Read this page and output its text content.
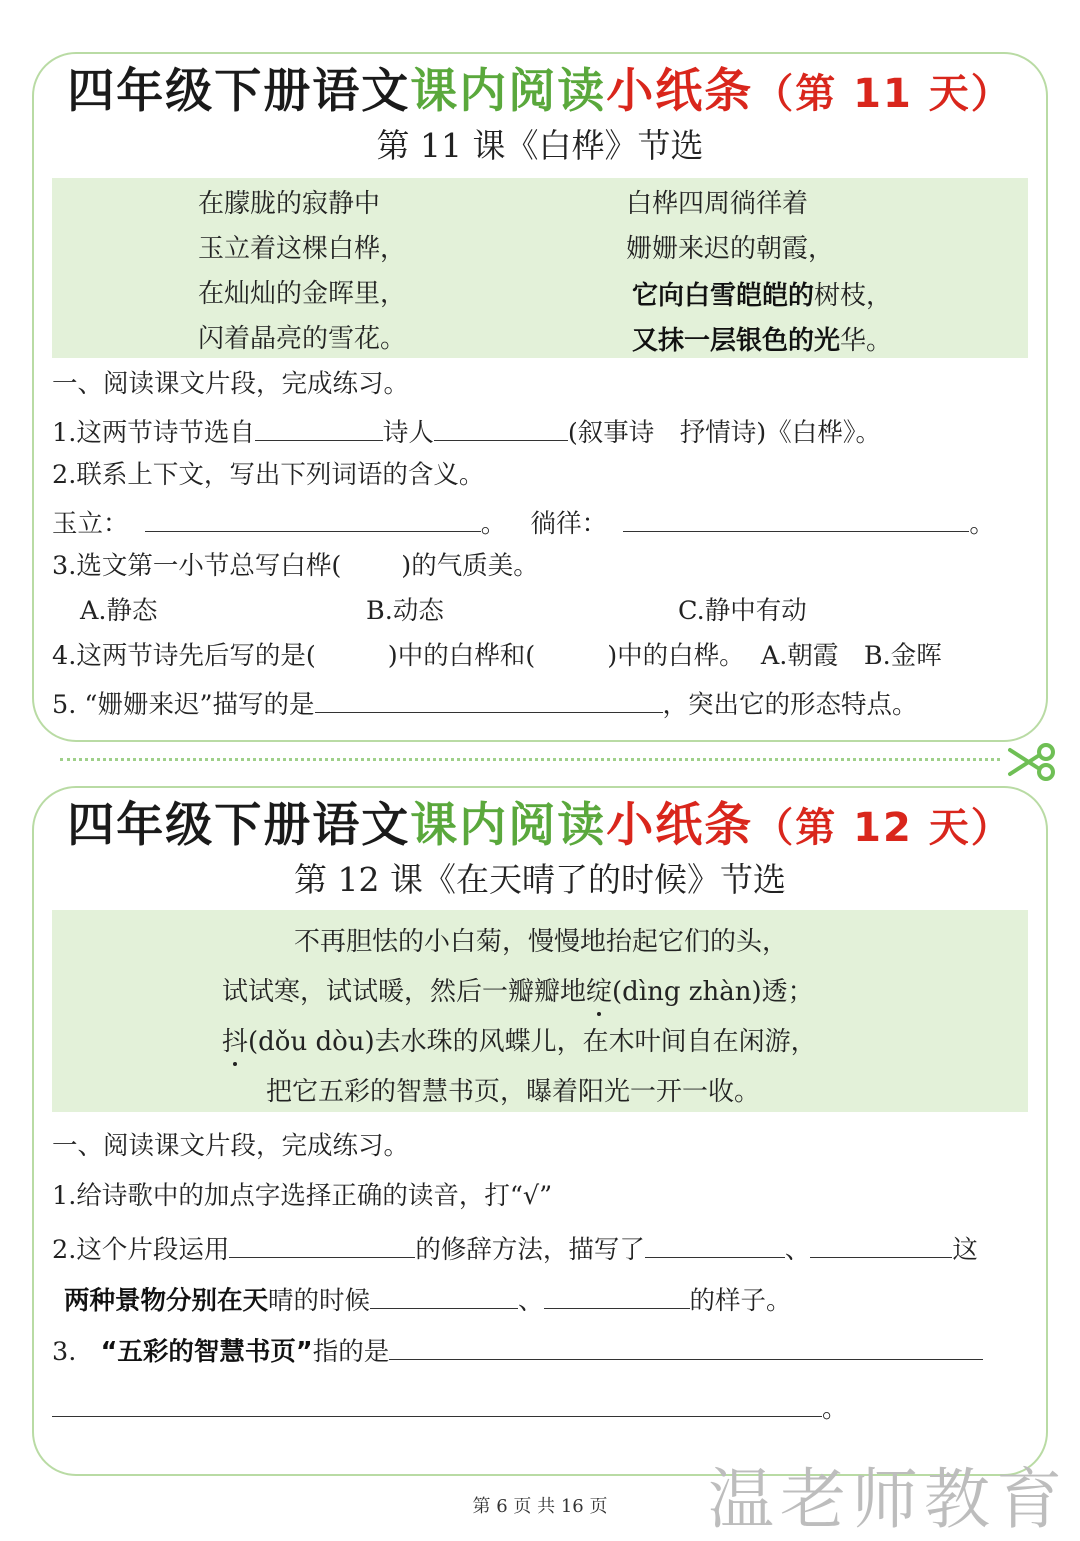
四年级下册语文课内阅读小纸条（第 11 天）
第 11 课《白桦》节选
在朦胧的寂静中
玉立着这棵白桦，
在灿灿的金晖里，
闪着晶亮的雪花。
白桦四周徜徉着
姗姗来迟的朝霞，
它向白雪皑皑的树枝，
又抹一层银色的光华。
一、阅读课文片段，完成练习。
1.这两节诗节选自	诗人	(叙事诗　抒情诗)《白桦》。
2.联系上下文，写出下列词语的含义。
玉立：	。 徜徉：	。
3.选文第一小节总写白桦( )的气质美。
A.静态	B.动态	C.静中有动
4.这两节诗先后写的是(	)中的白桦和(	)中的白桦。 A.朝霞　B.金晖
5. “姗姗来迟”描写的是	，突出它的形态特点。
四年级下册语文课内阅读小纸条（第 12 天）
第 12 课《在天晴了的时候》节选
不再胆怯的小白菊，慢慢地抬起它们的头，
试试寒，试试暖，然后一瓣瓣地绽(dìng zhàn)透；
抖(dǒu dòu)去水珠的风蝶儿，在木叶间自在闲游，
把它五彩的智慧书页，曝着阳光一开一收。
一、阅读课文片段，完成练习。
1.给诗歌中的加点字选择正确的读音，打“√”
2.这个片段运用	的修辞方法，描写了	、	这
两种景物分别在天晴的时候	、	的样子。
3. “五彩的智慧书页”指的是
。
第 6 页 共 16 页	温老师教育
